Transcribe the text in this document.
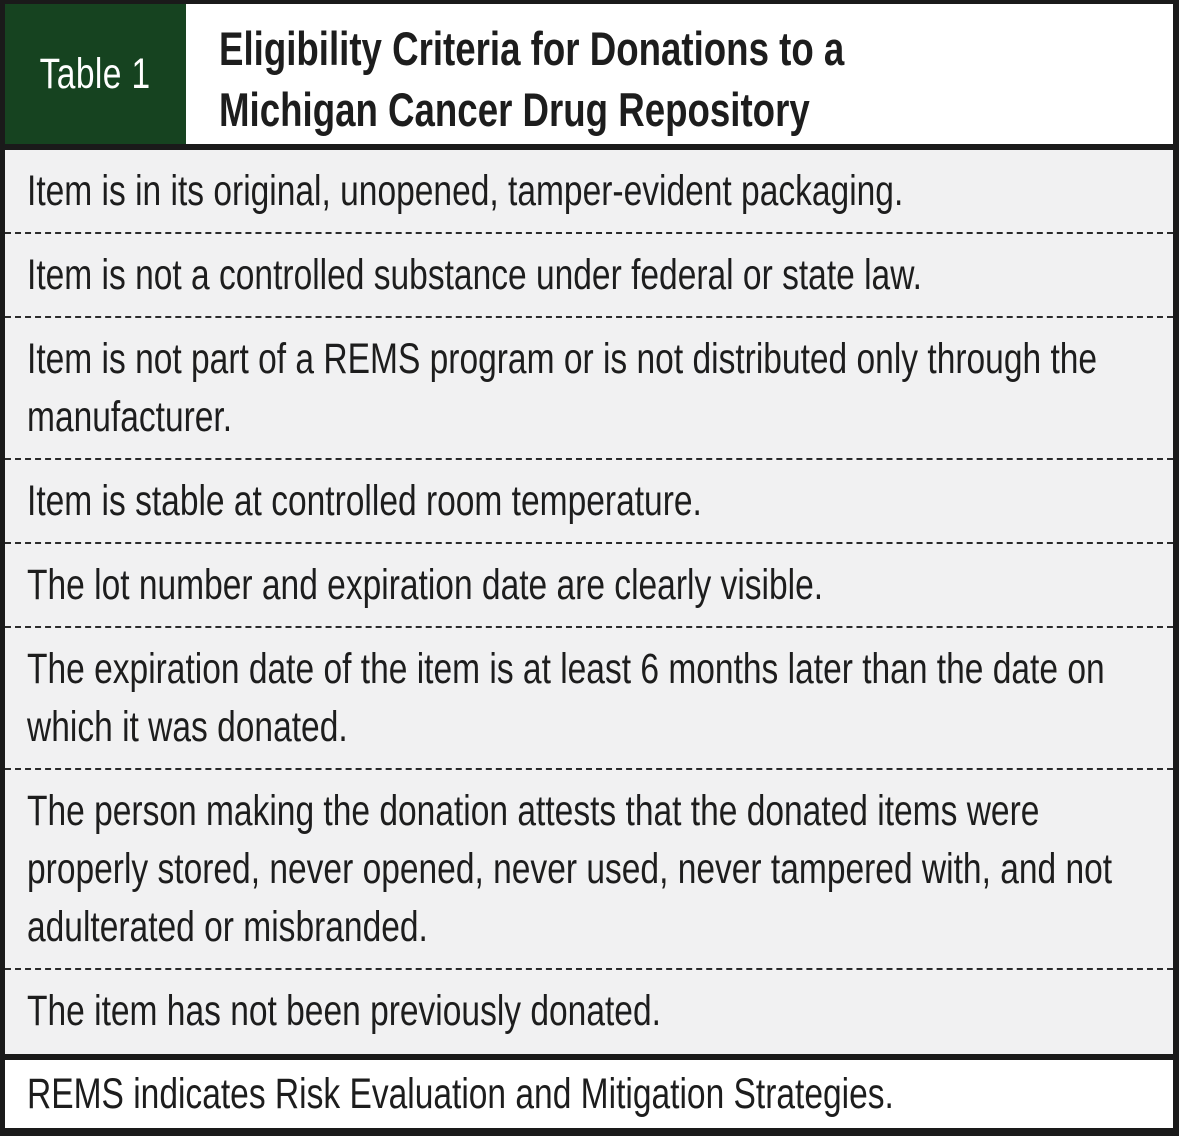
Table 1 Eligibility Criteria for Donations to a Michigan Cancer Drug Repository
Item is in its original, unopened, tamper-evident packaging.
Item is not a controlled substance under federal or state law.
Item is not part of a REMS program or is not distributed only through the manufacturer.
Item is stable at controlled room temperature.
The lot number and expiration date are clearly visible.
The expiration date of the item is at least 6 months later than the date on which it was donated.
The person making the donation attests that the donated items were properly stored, never opened, never used, never tampered with, and not adulterated or misbranded.
The item has not been previously donated.
REMS indicates Risk Evaluation and Mitigation Strategies.
